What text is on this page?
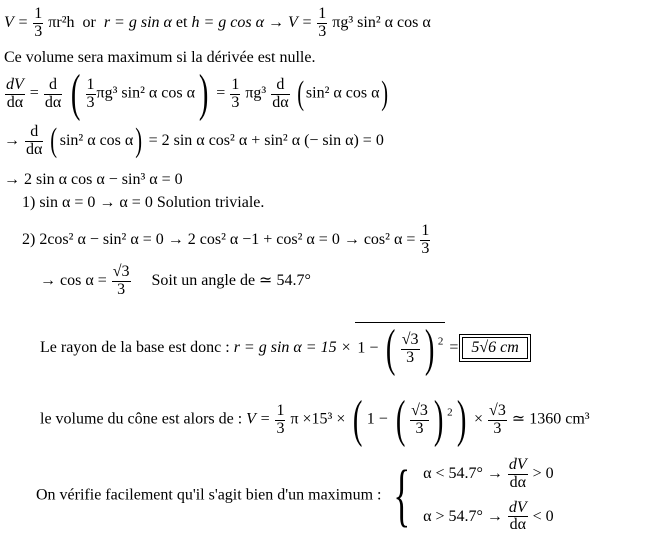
$V = \frac{1}{3} \pi r^2h$ or r = g sin α et h = g $\cos \alpha \to V = \frac{1}{3} \pi g^3$ sin² α cos α
Ce volume sera maximum si la dérivée est nulle.
$\frac{dV}{d\alpha} = \frac{d}{d\alpha}$ ( $\frac{1}{3} \pi g^3$ sin² α $\cos \alpha) = \frac{1}{3} \pi g^3 \frac{d}{d\alpha}$ ( sin² α cos α)
→ $\frac{d}{d\alpha}$ ( sin² α cos α) = 2 sin α cos² α + sin² α (− sin α) = 0
→ 2 sin α cos α − sin³ α = 0
1) sin α = 0 → α = 0 Solution triviale.
2) 2cos² α − sin² α = 0 → 2 cos² α −1 + cos² α = 0 → cos² $\alpha = \frac{1}{3}$
→ $\cos \alpha = \frac{√3}{3}$ Soit un angle de ≃ 54.7°
Le rayon de la base est donc : r = g sin α = 15 × 1 − ( $\frac{√3}{3}$ ) $^2$ = 5√6 cm
le volume du cône est alors de : $V = \frac{1}{3}$ π ×15³ × ( 1 − ( $\frac{√3}{3}$ ) $^2) \times \frac{√3}{3}$ ≃ 1360 cm³
On vérifie facilement qu'il s'agit bien d'un maximum : { $\alpha < 54.7^\circ \to \frac{dV}{d\alpha} > 0$
$\alpha > 54.7^\circ \to \frac{dV}{d\alpha} < 0$
